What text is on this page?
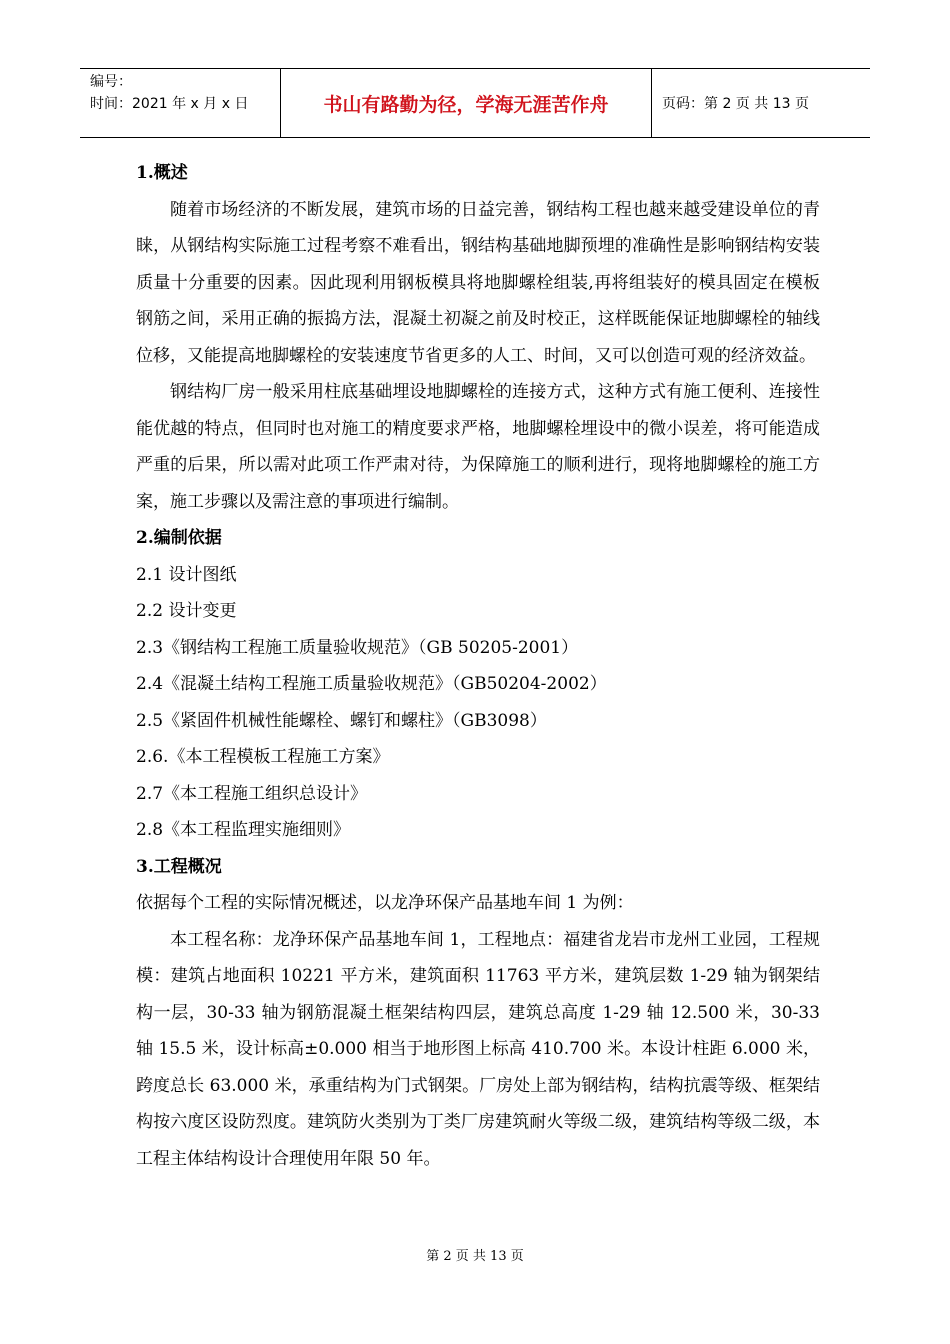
编号：
时间：2021 年 x 月 x 日	书山有路勤为径，学海无涯苦作舟	页码：第 2 页 共 13 页

1.概述

随着市场经济的不断发展，建筑市场的日益完善，钢结构工程也越来越受建设单位的青睐，从钢结构实际施工过程考察不难看出，钢结构基础地脚预埋的准确性是影响钢结构安装质量十分重要的因素。因此现利用钢板模具将地脚螺栓组装,再将组装好的模具固定在模板钢筋之间，采用正确的振捣方法，混凝土初凝之前及时校正，这样既能保证地脚螺栓的轴线位移，又能提高地脚螺栓的安装速度节省更多的人工、时间，又可以创造可观的经济效益。

钢结构厂房一般采用柱底基础埋设地脚螺栓的连接方式，这种方式有施工便利、连接性能优越的特点，但同时也对施工的精度要求严格，地脚螺栓埋设中的微小误差，将可能造成严重的后果，所以需对此项工作严肃对待，为保障施工的顺利进行，现将地脚螺栓的施工方案，施工步骤以及需注意的事项进行编制。

2.编制依据

2.1 设计图纸

2.2 设计变更

2.3《钢结构工程施工质量验收规范》（GB 50205-2001）

2.4《混凝土结构工程施工质量验收规范》（GB50204-2002）

2.5《紧固件机械性能螺栓、螺钉和螺柱》（GB3098）

2.6.《本工程模板工程施工方案》

2.7《本工程施工组织总设计》

2.8《本工程监理实施细则》

3.工程概况

依据每个工程的实际情况概述，以龙净环保产品基地车间 1 为例：

本工程名称：龙净环保产品基地车间 1，工程地点：福建省龙岩市龙州工业园，工程规模：建筑占地面积 10221 平方米，建筑面积 11763 平方米，建筑层数 1-29 轴为钢架结构一层，30-33 轴为钢筋混凝土框架结构四层，建筑总高度 1-29 轴 12.500 米，30-33 轴 15.5 米，设计标高±0.000 相当于地形图上标高 410.700 米。本设计柱距 6.000 米，跨度总长 63.000 米，承重结构为门式钢架。厂房处上部为钢结构，结构抗震等级、框架结构按六度区设防烈度。建筑防火类别为丁类厂房建筑耐火等级二级，建筑结构等级二级，本工程主体结构设计合理使用年限 50 年。

第 2 页 共 13 页
